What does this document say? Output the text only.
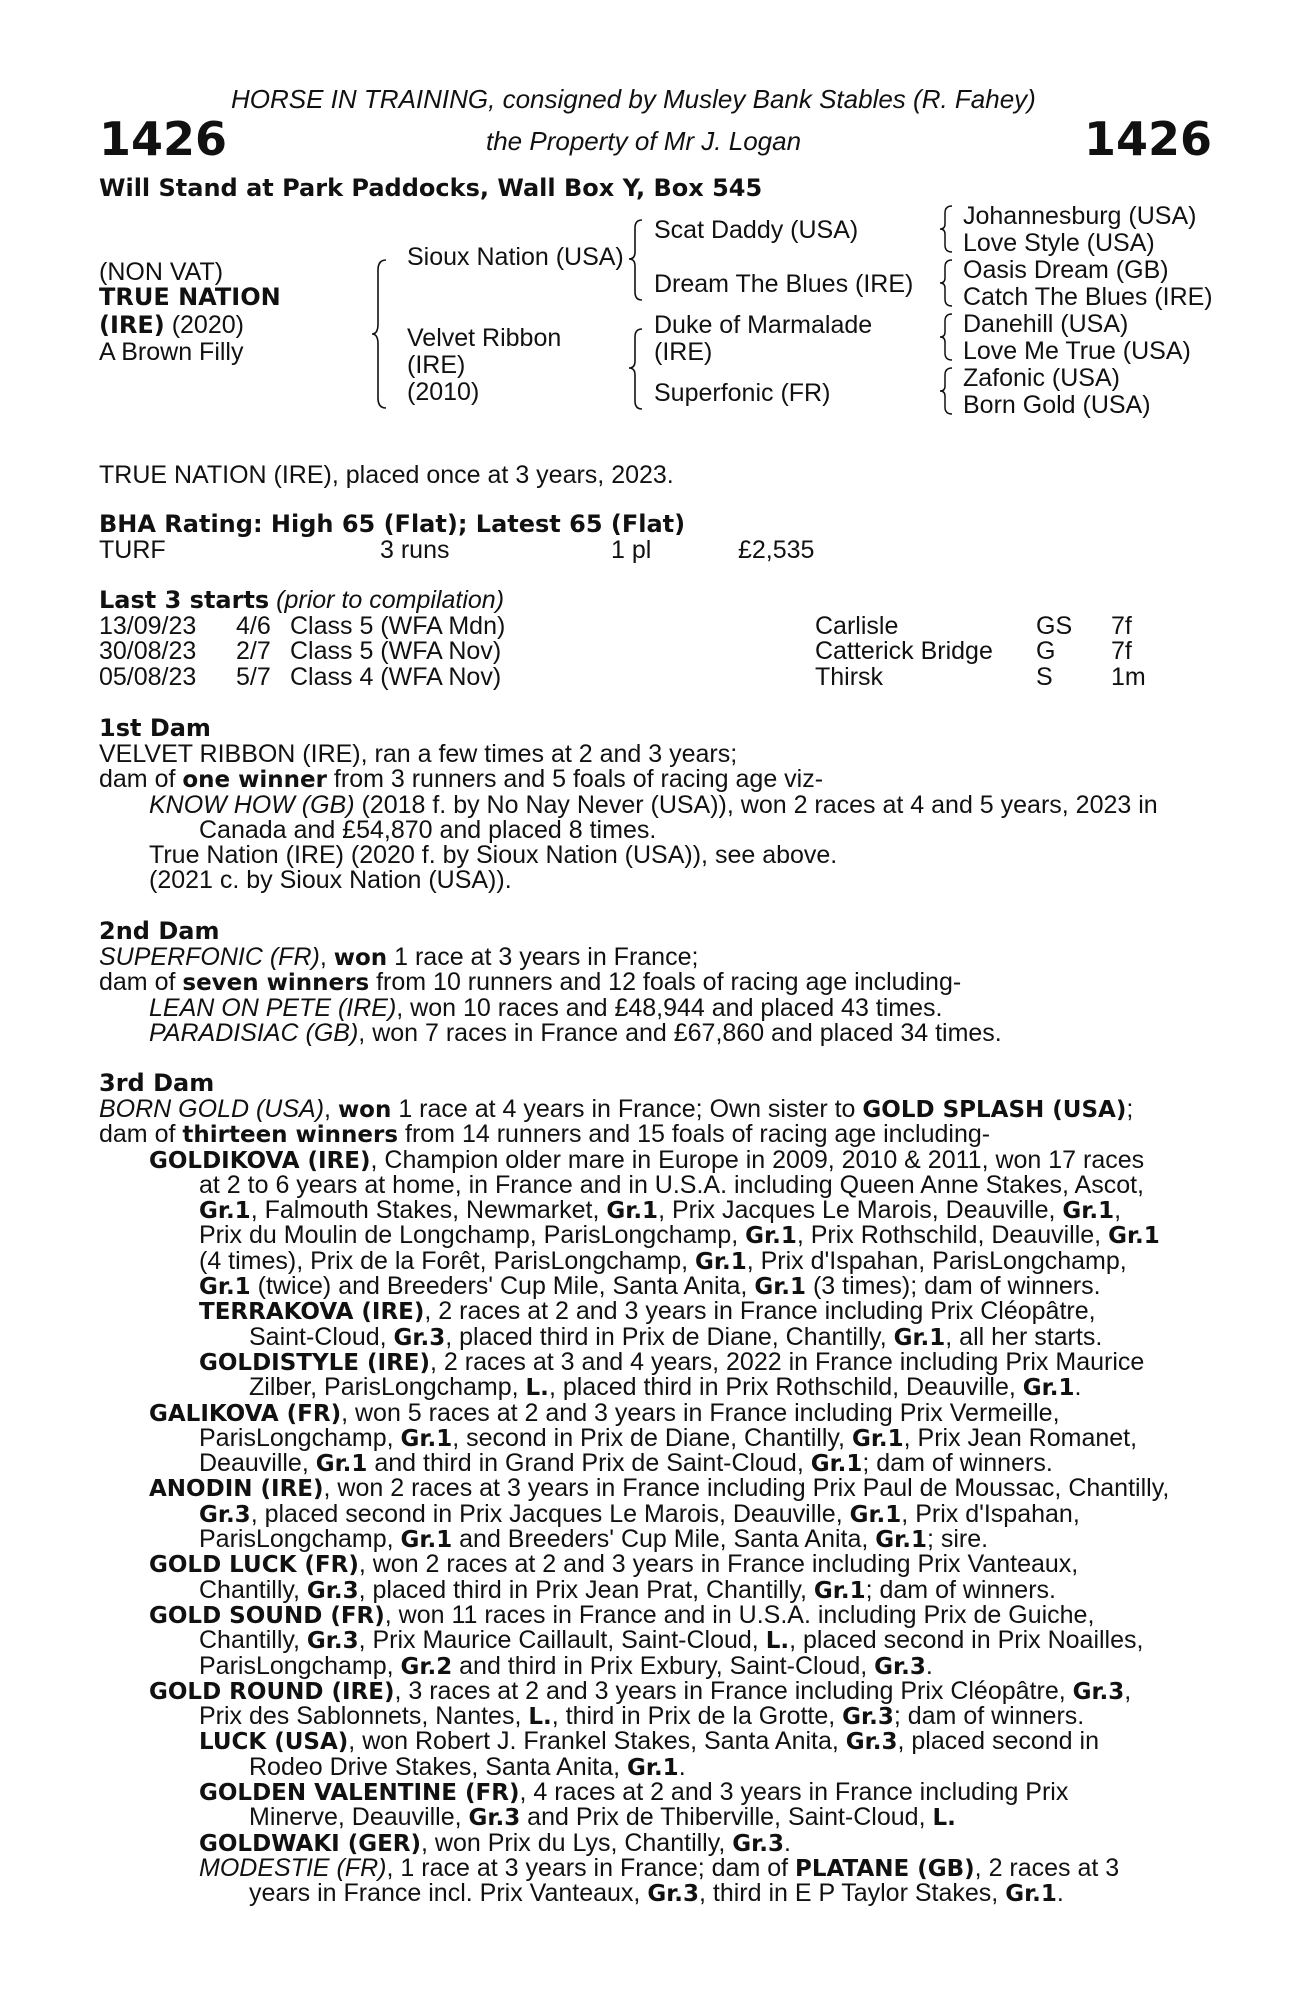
HORSE IN TRAINING, consigned by Musley Bank Stables (R. Fahey)
1426	the Property of Mr J. Logan	1426
Will Stand at Park Paddocks, Wall Box Y, Box 545
(NON VAT)
TRUE NATION
(IRE) (2020)
A Brown Filly
Sioux Nation (USA)
Velvet Ribbon
(IRE)
(2010)
Scat Daddy (USA)
Dream The Blues (IRE)
Duke of Marmalade
(IRE)
Superfonic (FR)
Johannesburg (USA)
Love Style (USA)
Oasis Dream (GB)
Catch The Blues (IRE)
Danehill (USA)
Love Me True (USA)
Zafonic (USA)
Born Gold (USA)
TRUE NATION (IRE), placed once at 3 years, 2023.
BHA Rating: High 65 (Flat); Latest 65 (Flat)
TURF	3 runs	1 pl	£2,535
Last 3 starts (prior to compilation)
13/09/23 4/6 Class 5 (WFA Mdn)	Carlisle	GS 7f
30/08/23 2/7 Class 5 (WFA Nov)	Catterick Bridge G 7f
05/08/23 5/7 Class 4 (WFA Nov)	Thirsk	S 1m
1st Dam
VELVET RIBBON (IRE), ran a few times at 2 and 3 years;
dam of one winner from 3 runners and 5 foals of racing age viz-
KNOW HOW (GB) (2018 f. by No Nay Never (USA)), won 2 races at 4 and 5 years, 2023 in
Canada and £54,870 and placed 8 times.
True Nation (IRE) (2020 f. by Sioux Nation (USA)), see above.
(2021 c. by Sioux Nation (USA)).
2nd Dam
SUPERFONIC (FR), won 1 race at 3 years in France;
dam of seven winners from 10 runners and 12 foals of racing age including-
LEAN ON PETE (IRE), won 10 races and £48,944 and placed 43 times.
PARADISIAC (GB), won 7 races in France and £67,860 and placed 34 times.
3rd Dam
BORN GOLD (USA), won 1 race at 4 years in France; Own sister to GOLD SPLASH (USA);
dam of thirteen winners from 14 runners and 15 foals of racing age including-
GOLDIKOVA (IRE), Champion older mare in Europe in 2009, 2010 & 2011, won 17 races
at 2 to 6 years at home, in France and in U.S.A. including Queen Anne Stakes, Ascot,
Gr.1, Falmouth Stakes, Newmarket, Gr.1, Prix Jacques Le Marois, Deauville, Gr.1,
Prix du Moulin de Longchamp, ParisLongchamp, Gr.1, Prix Rothschild, Deauville, Gr.1
(4 times), Prix de la Forêt, ParisLongchamp, Gr.1, Prix d'Ispahan, ParisLongchamp,
Gr.1 (twice) and Breeders' Cup Mile, Santa Anita, Gr.1 (3 times); dam of winners.
TERRAKOVA (IRE), 2 races at 2 and 3 years in France including Prix Cléopâtre,
Saint-Cloud, Gr.3, placed third in Prix de Diane, Chantilly, Gr.1, all her starts.
GOLDISTYLE (IRE), 2 races at 3 and 4 years, 2022 in France including Prix Maurice
Zilber, ParisLongchamp, L., placed third in Prix Rothschild, Deauville, Gr.1.
GALIKOVA (FR), won 5 races at 2 and 3 years in France including Prix Vermeille,
ParisLongchamp, Gr.1, second in Prix de Diane, Chantilly, Gr.1, Prix Jean Romanet,
Deauville, Gr.1 and third in Grand Prix de Saint-Cloud, Gr.1; dam of winners.
ANODIN (IRE), won 2 races at 3 years in France including Prix Paul de Moussac, Chantilly,
Gr.3, placed second in Prix Jacques Le Marois, Deauville, Gr.1, Prix d'Ispahan,
ParisLongchamp, Gr.1 and Breeders' Cup Mile, Santa Anita, Gr.1; sire.
GOLD LUCK (FR), won 2 races at 2 and 3 years in France including Prix Vanteaux,
Chantilly, Gr.3, placed third in Prix Jean Prat, Chantilly, Gr.1; dam of winners.
GOLD SOUND (FR), won 11 races in France and in U.S.A. including Prix de Guiche,
Chantilly, Gr.3, Prix Maurice Caillault, Saint-Cloud, L., placed second in Prix Noailles,
ParisLongchamp, Gr.2 and third in Prix Exbury, Saint-Cloud, Gr.3.
GOLD ROUND (IRE), 3 races at 2 and 3 years in France including Prix Cléopâtre, Gr.3,
Prix des Sablonnets, Nantes, L., third in Prix de la Grotte, Gr.3; dam of winners.
LUCK (USA), won Robert J. Frankel Stakes, Santa Anita, Gr.3, placed second in
Rodeo Drive Stakes, Santa Anita, Gr.1.
GOLDEN VALENTINE (FR), 4 races at 2 and 3 years in France including Prix
Minerve, Deauville, Gr.3 and Prix de Thiberville, Saint-Cloud, L.
GOLDWAKI (GER), won Prix du Lys, Chantilly, Gr.3.
MODESTIE (FR), 1 race at 3 years in France; dam of PLATANE (GB), 2 races at 3
years in France incl. Prix Vanteaux, Gr.3, third in E P Taylor Stakes, Gr.1.
